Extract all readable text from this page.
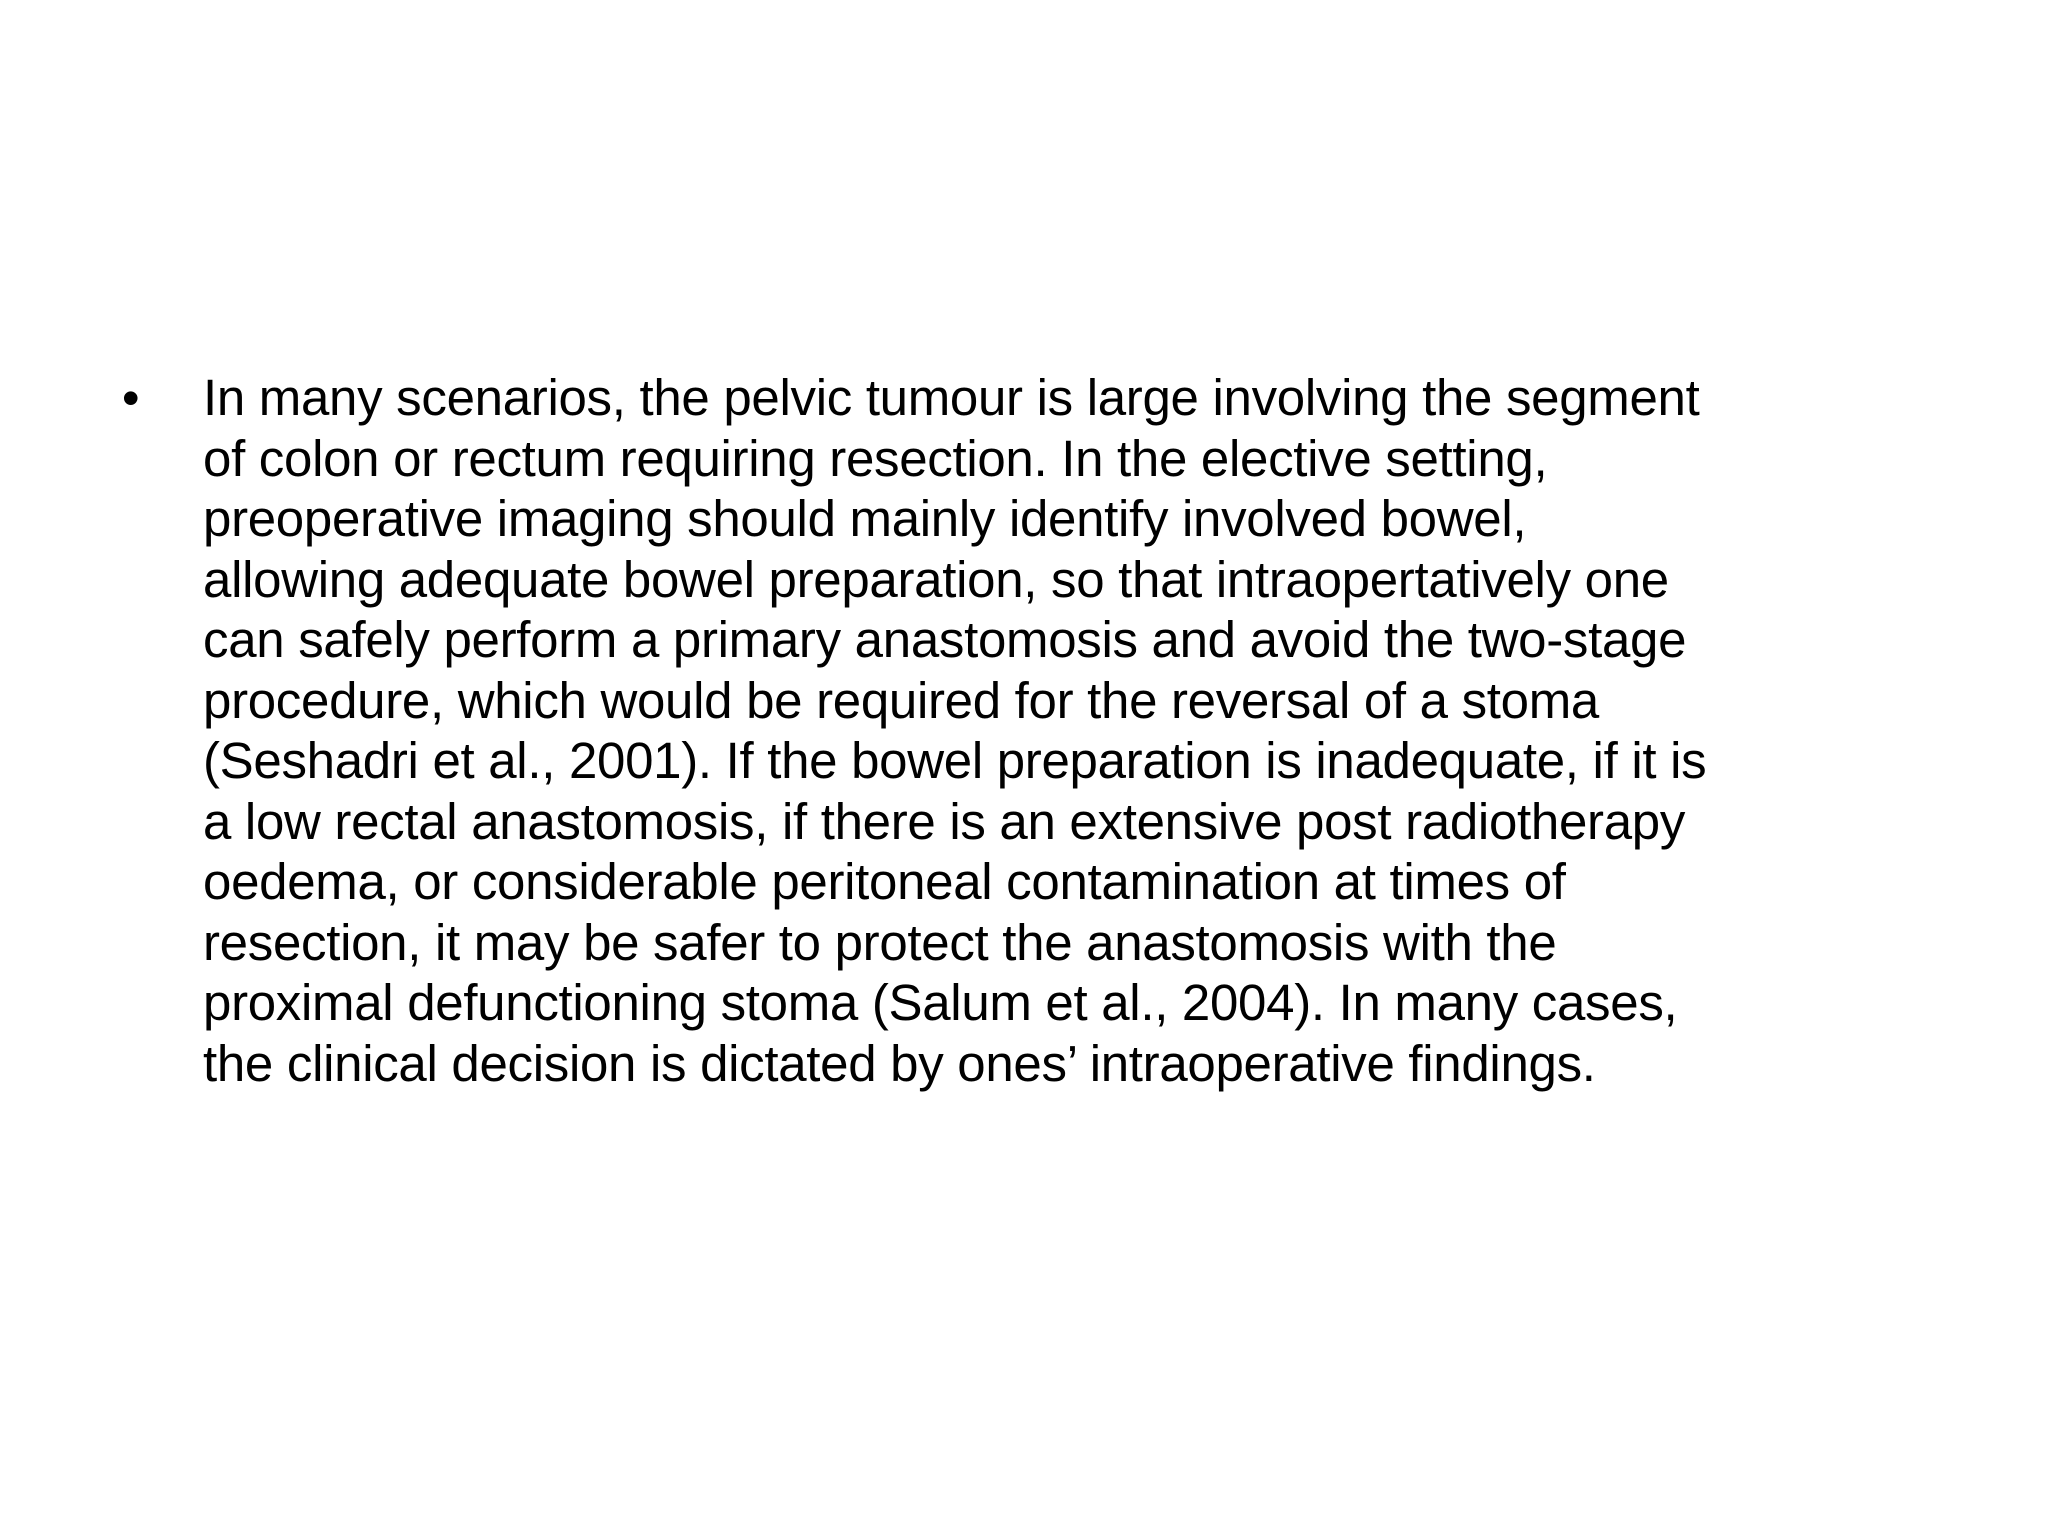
• In many scenarios, the pelvic tumour is large involving the segment
of colon or rectum requiring resection. In the elective setting,
preoperative imaging should mainly identify involved bowel,
allowing adequate bowel preparation, so that intraopertatively one
can safely perform a primary anastomosis and avoid the two-stage
procedure, which would be required for the reversal of a stoma
(Seshadri et al., 2001). If the bowel preparation is inadequate, if it is
a low rectal anastomosis, if there is an extensive post radiotherapy
oedema, or considerable peritoneal contamination at times of
resection, it may be safer to protect the anastomosis with the
proximal defunctioning stoma (Salum et al., 2004). In many cases,
the clinical decision is dictated by ones’ intraoperative findings.
